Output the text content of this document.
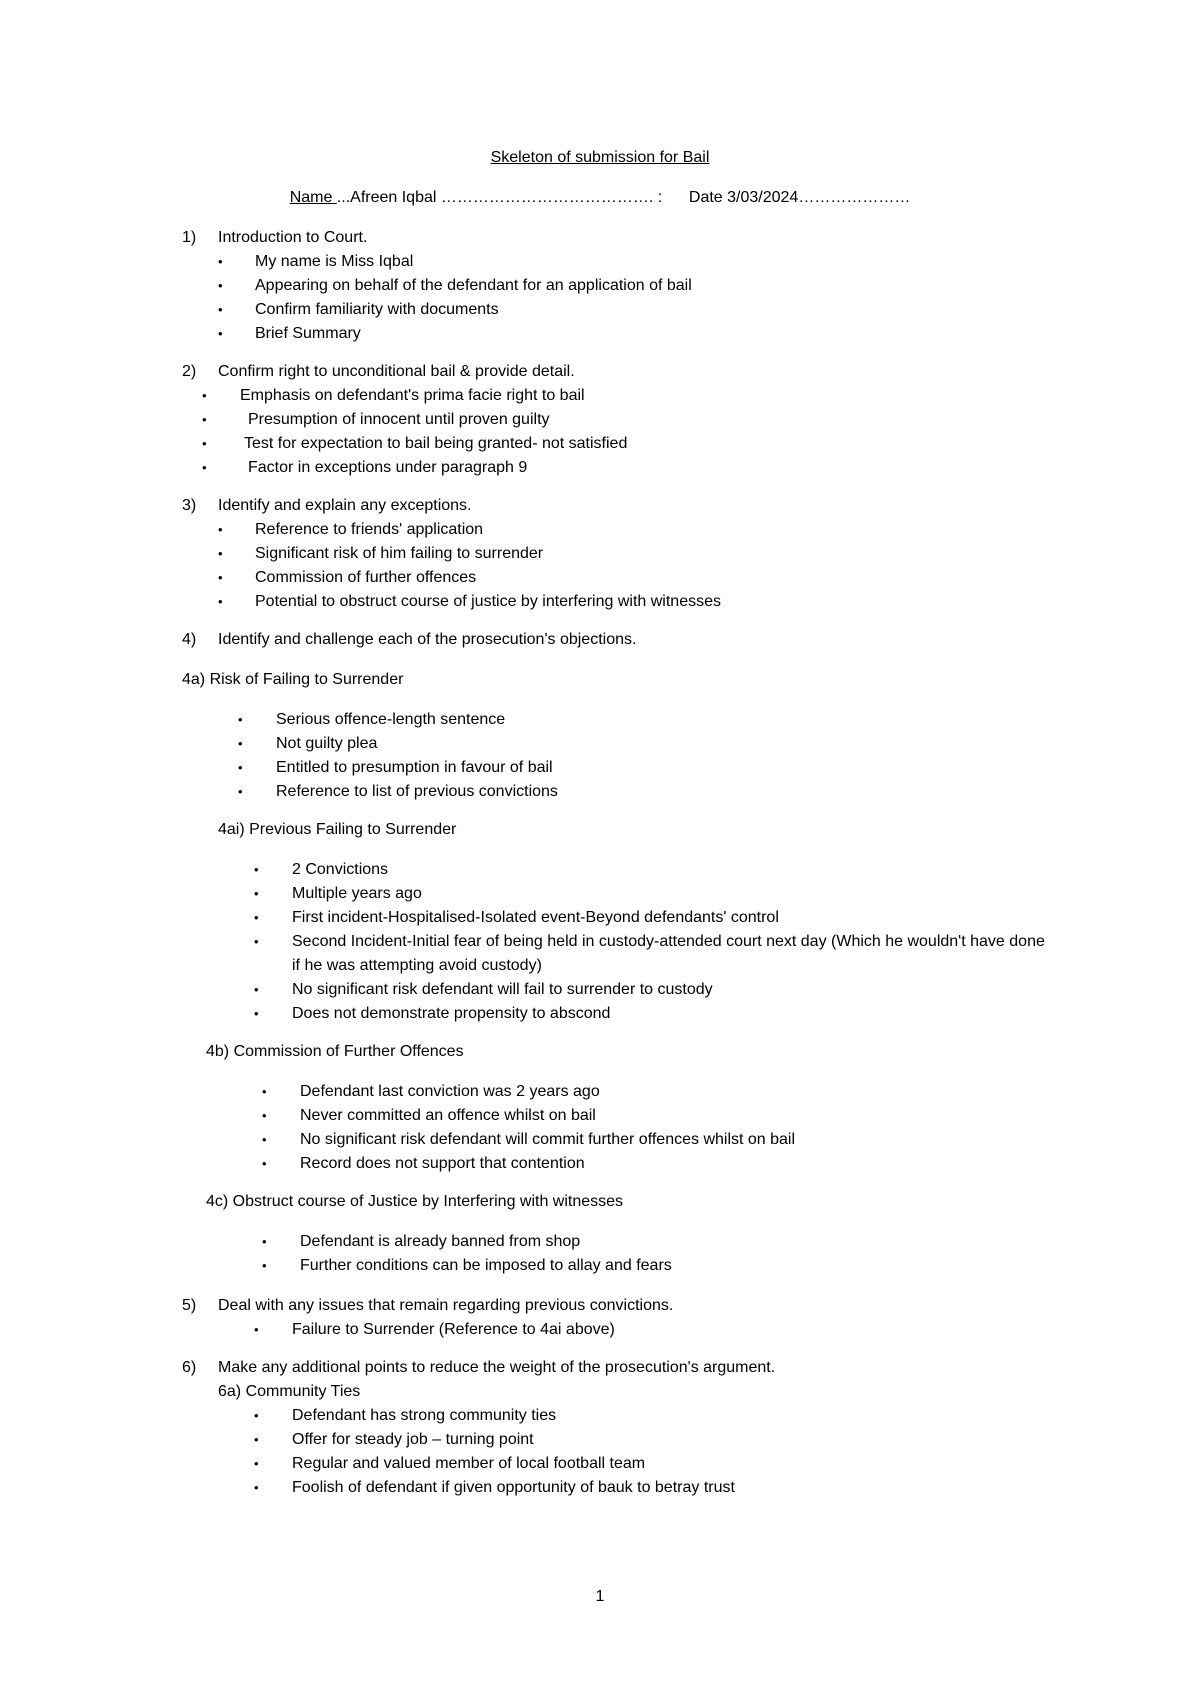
Skeleton of submission for Bail
Name ...Afreen Iqbal …………………………………. : Date 3/03/2024…………………
1) Introduction to Court.
• My name is Miss Iqbal
• Appearing on behalf of the defendant for an application of bail
• Confirm familiarity with documents
• Brief Summary
2) Confirm right to unconditional bail & provide detail.
• Emphasis on defendant's prima facie right to bail
•	Presumption of innocent until proven guilty
• Test for expectation to bail being granted- not satisfied
•	Factor in exceptions under paragraph 9
3) Identify and explain any exceptions.
• Reference to friends' application
• Significant risk of him failing to surrender
• Commission of further offences
• Potential to obstruct course of justice by interfering with witnesses
4) Identify and challenge each of the prosecution's objections.
4a) Risk of Failing to Surrender
• Serious offence-length sentence
• Not guilty plea
• Entitled to presumption in favour of bail
• Reference to list of previous convictions
4ai) Previous Failing to Surrender
• 2 Convictions
• Multiple years ago
• First incident-Hospitalised-Isolated event-Beyond defendants' control
• Second Incident-Initial fear of being held in custody-attended court next day (Which he wouldn't have done if he was attempting avoid custody)
• No significant risk defendant will fail to surrender to custody
• Does not demonstrate propensity to abscond
4b) Commission of Further Offences
• Defendant last conviction was 2 years ago
• Never committed an offence whilst on bail
• No significant risk defendant will commit further offences whilst on bail
• Record does not support that contention
4c) Obstruct course of Justice by Interfering with witnesses
• Defendant is already banned from shop
• Further conditions can be imposed to allay and fears
5) Deal with any issues that remain regarding previous convictions.
• Failure to Surrender (Reference to 4ai above)
6) Make any additional points to reduce the weight of the prosecution's argument.
6a) Community Ties
• Defendant has strong community ties
• Offer for steady job – turning point
• Regular and valued member of local football team
• Foolish of defendant if given opportunity of bauk to betray trust
1
